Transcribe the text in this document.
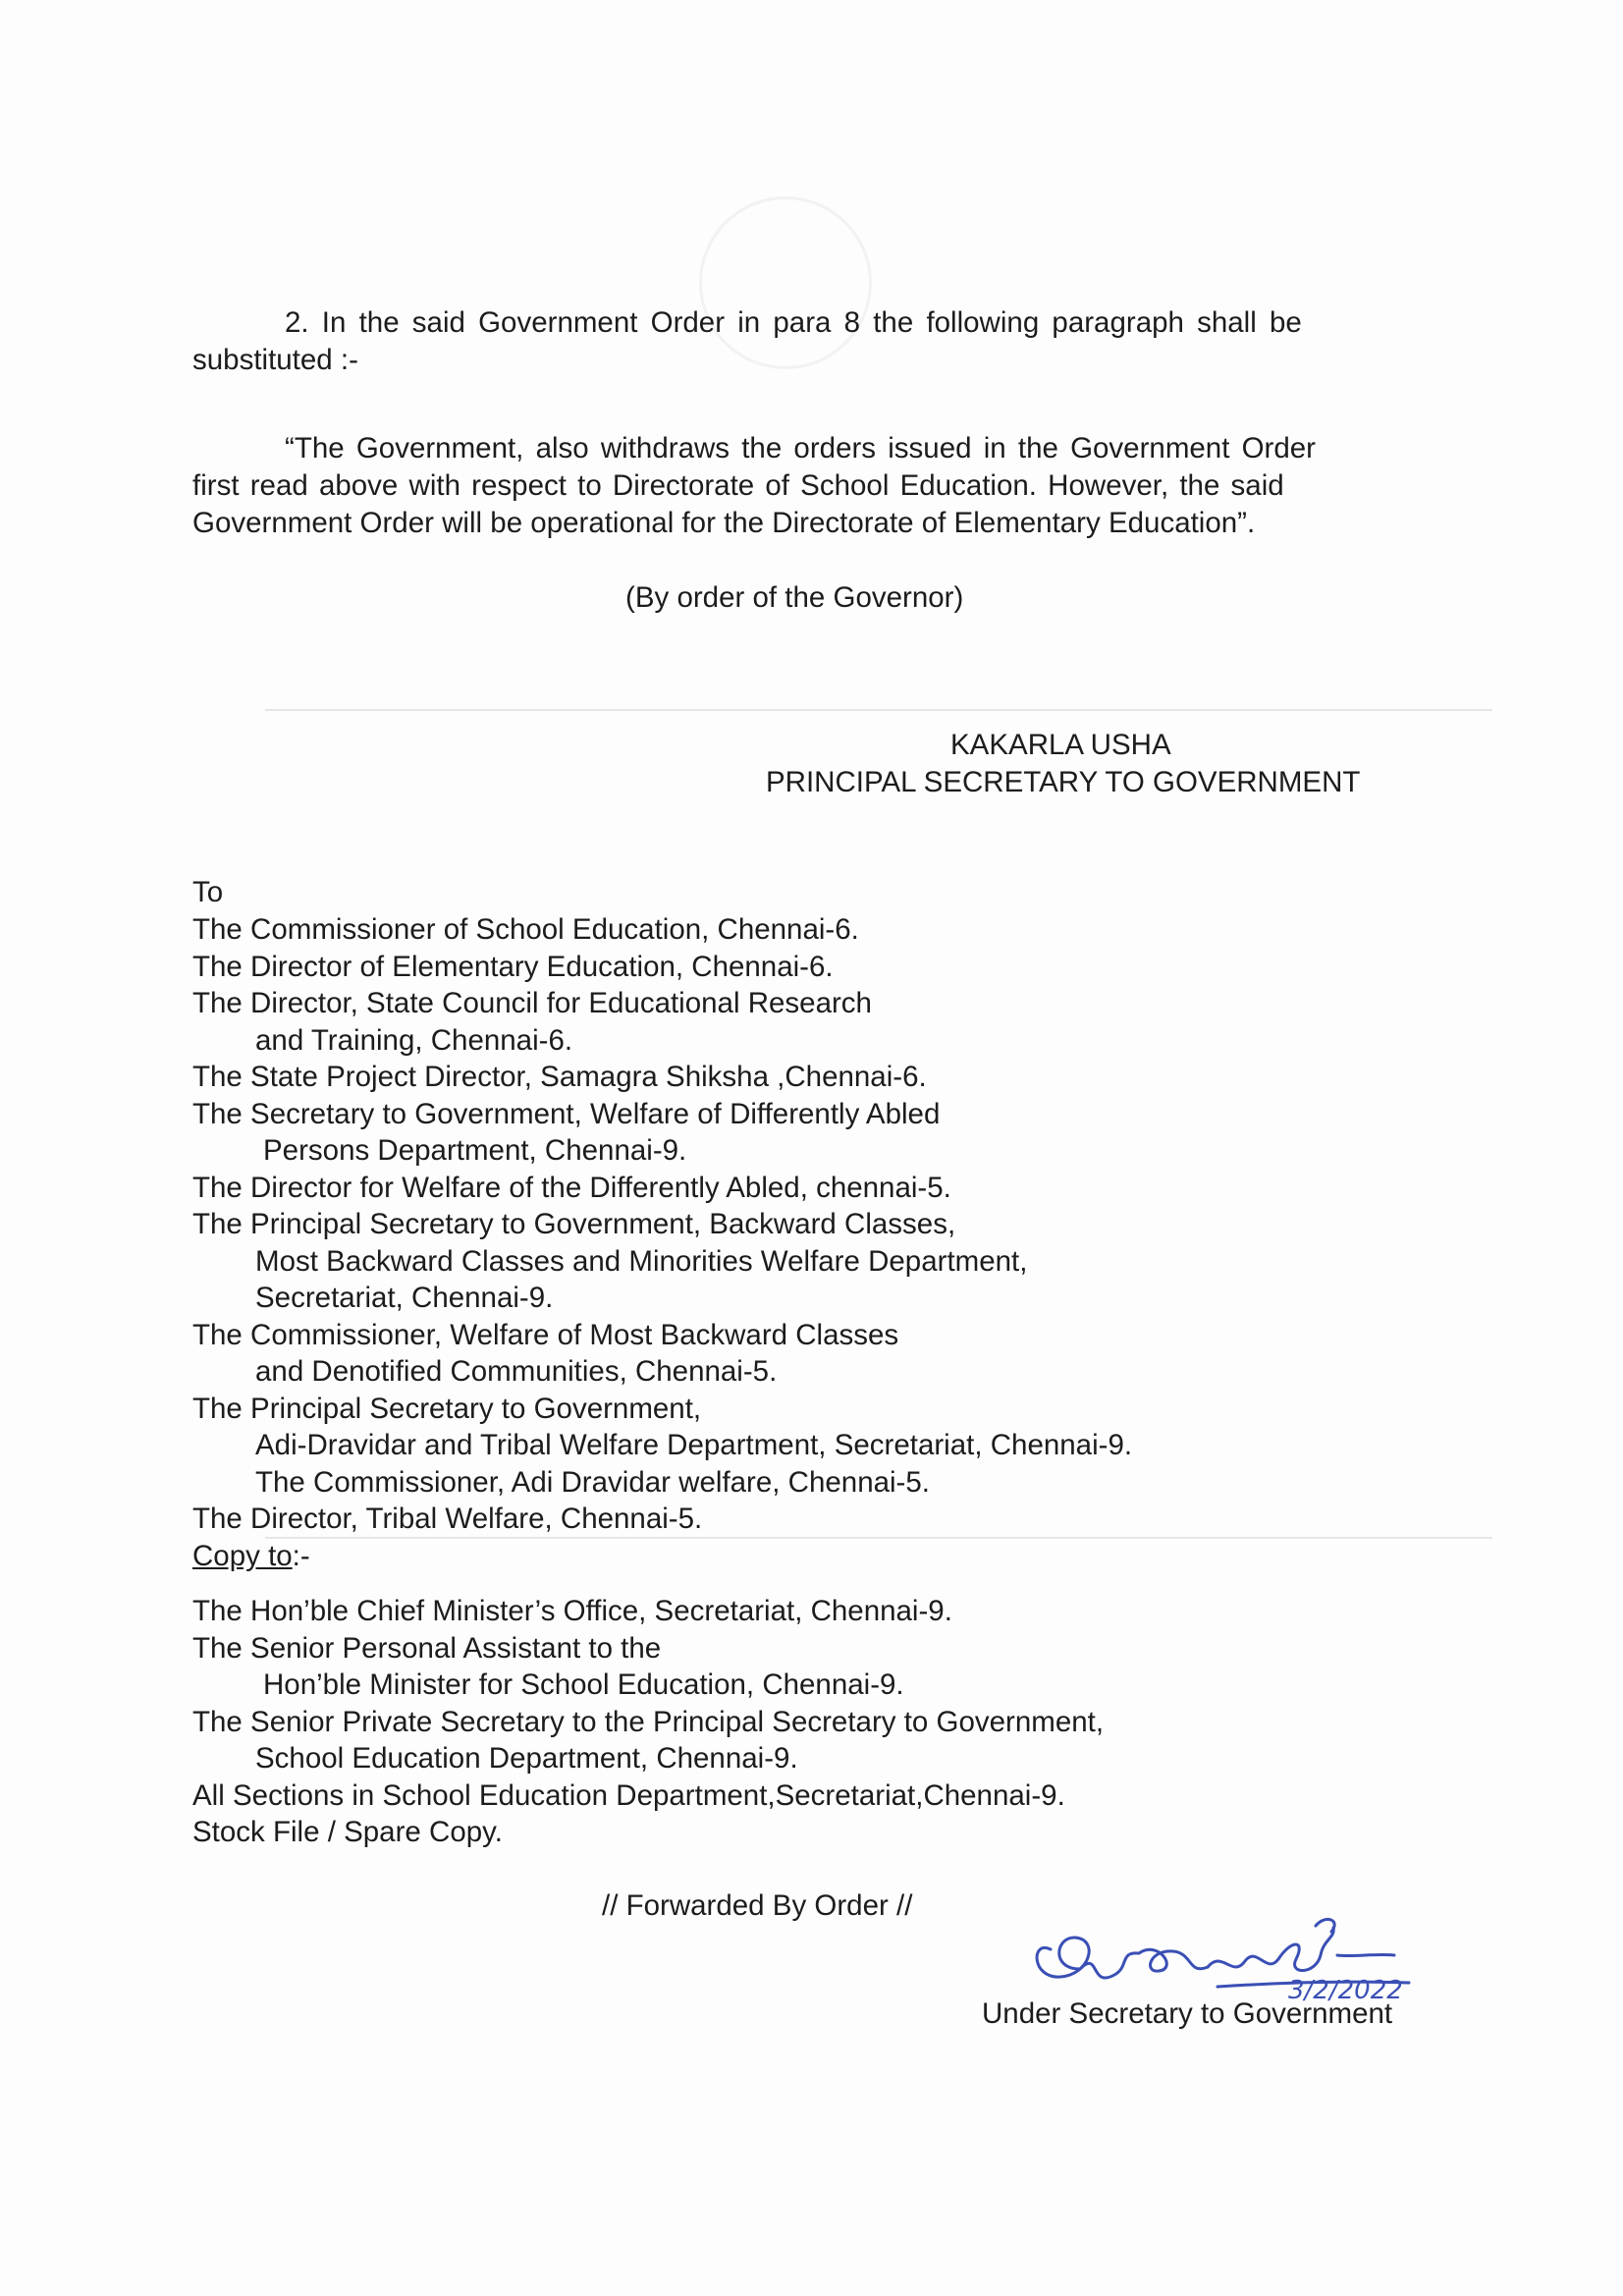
2. In the said Government Order in para 8 the following paragraph shall be
substituted :-
“The Government, also withdraws the orders issued in the Government Order
first read above with respect to Directorate of School Education. However, the said
Government Order will be operational for the Directorate of Elementary Education”.
(By order of the Governor)
KAKARLA USHA
PRINCIPAL SECRETARY TO GOVERNMENT
To
The Commissioner of School Education, Chennai-6.
The Director of Elementary Education, Chennai-6.
The Director, State Council for Educational Research
and Training, Chennai-6.
The State Project Director, Samagra Shiksha ,Chennai-6.
The Secretary to Government, Welfare of Differently Abled
Persons Department, Chennai-9.
The Director for Welfare of the Differently Abled, chennai-5.
The Principal Secretary to Government, Backward Classes,
Most Backward Classes and Minorities Welfare Department,
Secretariat, Chennai-9.
The Commissioner, Welfare of Most Backward Classes
and Denotified Communities, Chennai-5.
The Principal Secretary to Government,
Adi-Dravidar and Tribal Welfare Department, Secretariat, Chennai-9.
The Commissioner, Adi Dravidar welfare, Chennai-5.
The Director, Tribal Welfare, Chennai-5.
Copy to:-
The Hon’ble Chief Minister’s Office, Secretariat, Chennai-9.
The Senior Personal Assistant to the
Hon’ble Minister for School Education, Chennai-9.
The Senior Private Secretary to the Principal Secretary to Government,
School Education Department, Chennai-9.
All Sections in School Education Department,Secretariat,Chennai-9.
Stock File / Spare Copy.
// Forwarded By Order //
3/2/2022
Under Secretary to Government
